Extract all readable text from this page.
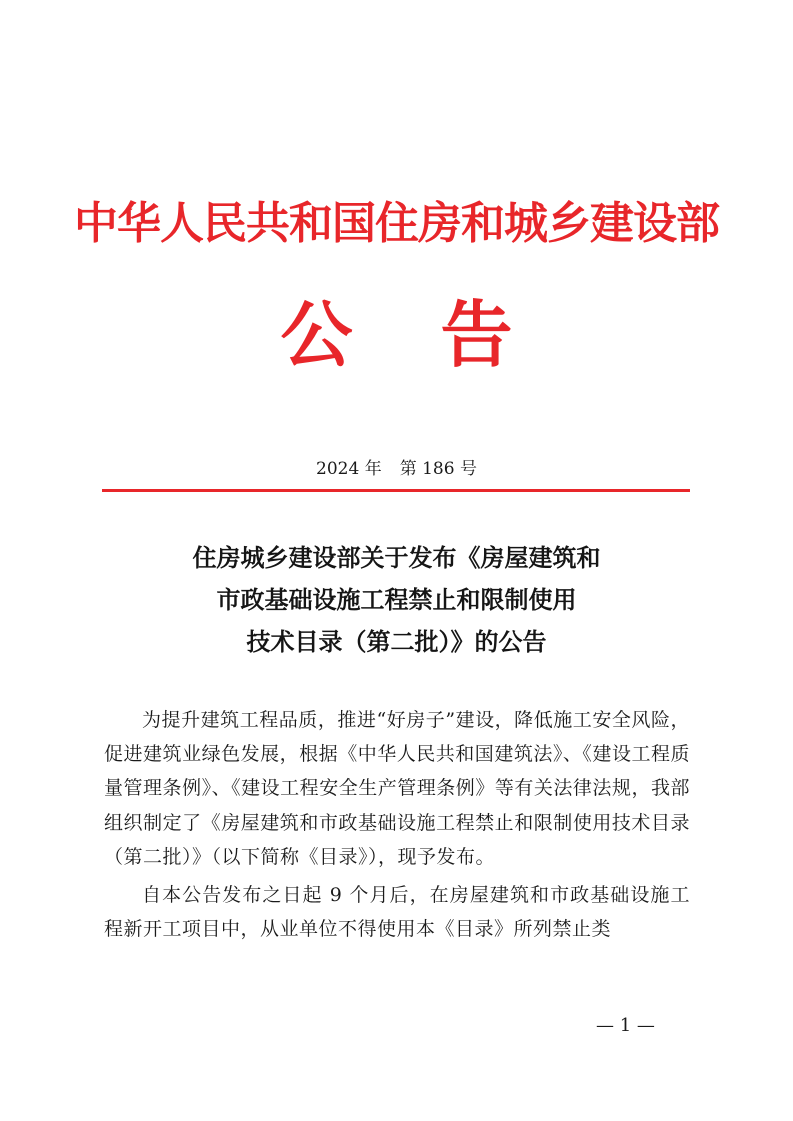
中华人民共和国住房和城乡建设部
公告
2024 年 第 186 号
住房城乡建设部关于发布《房屋建筑和
市政基础设施工程禁止和限制使用
技术目录（第二批）》的公告

为提升建筑工程品质，推进“好房子”建设，降低施工安全风险，促进建筑业绿色发展，根据《中华人民共和国建筑法》、《建设工程质量管理条例》、《建设工程安全生产管理条例》等有关法律法规，我部组织制定了《房屋建筑和市政基础设施工程禁止和限制使用技术目录（第二批）》（以下简称《目录》），现予发布。

自本公告发布之日起 9 个月后，在房屋建筑和市政基础设施工程新开工项目中，从业单位不得使用本《目录》所列禁止类

— 1 —
